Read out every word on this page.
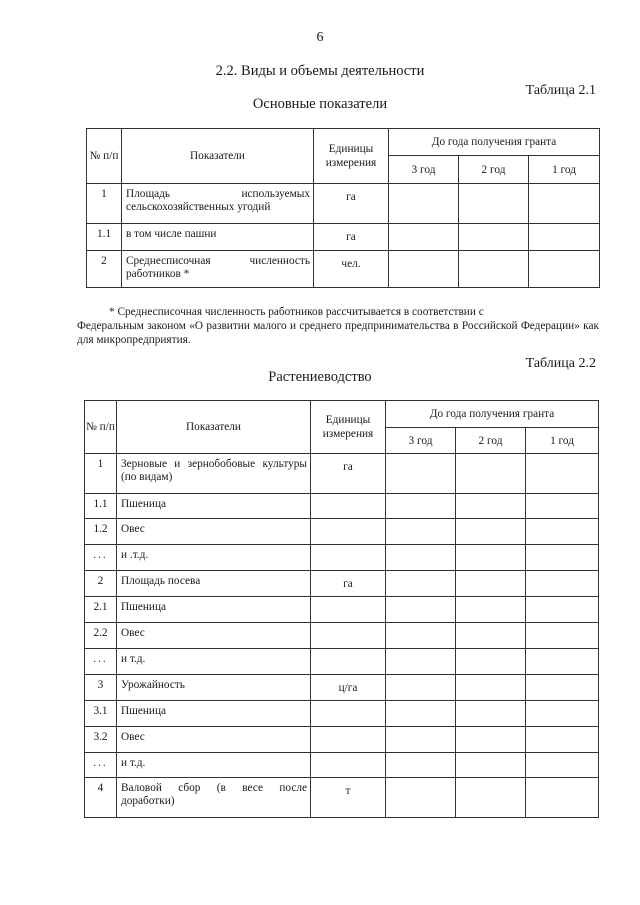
6
2.2. Виды и объемы деятельности
Таблица 2.1
Основные показатели
№ п/п	Показатели	Единицы измерения	До года получения гранта		
			3 год	2 год	1 год
1	Площадь используемых сельскохозяйственных угодий	га			
1.1	в том числе пашни	га			
2	Среднесписочная численность работников *	чел.			
* Среднесписочная численность работников рассчитывается в соответствии с
Федеральным законом «О развитии малого и среднего предпринимательства в Российской Федерации» как для микропредприятия.
Таблица 2.2
Растениеводство
№ п/п	Показатели	Единицы измерения	До года получения гранта		
			3 год	2 год	1 год
1	Зерновые и зернобобовые культуры (по видам)	га			
1.1	Пшеница				
1.2	Овес				
...	и .т.д.				
2	Площадь посева	га			
2.1	Пшеница				
2.2	Овес				
...	и т.д.				
3	Урожайность	ц/га			
3.1	Пшеница				
3.2	Овес				
...	и т.д.				
4	Валовой сбор (в весе после доработки)	т			
